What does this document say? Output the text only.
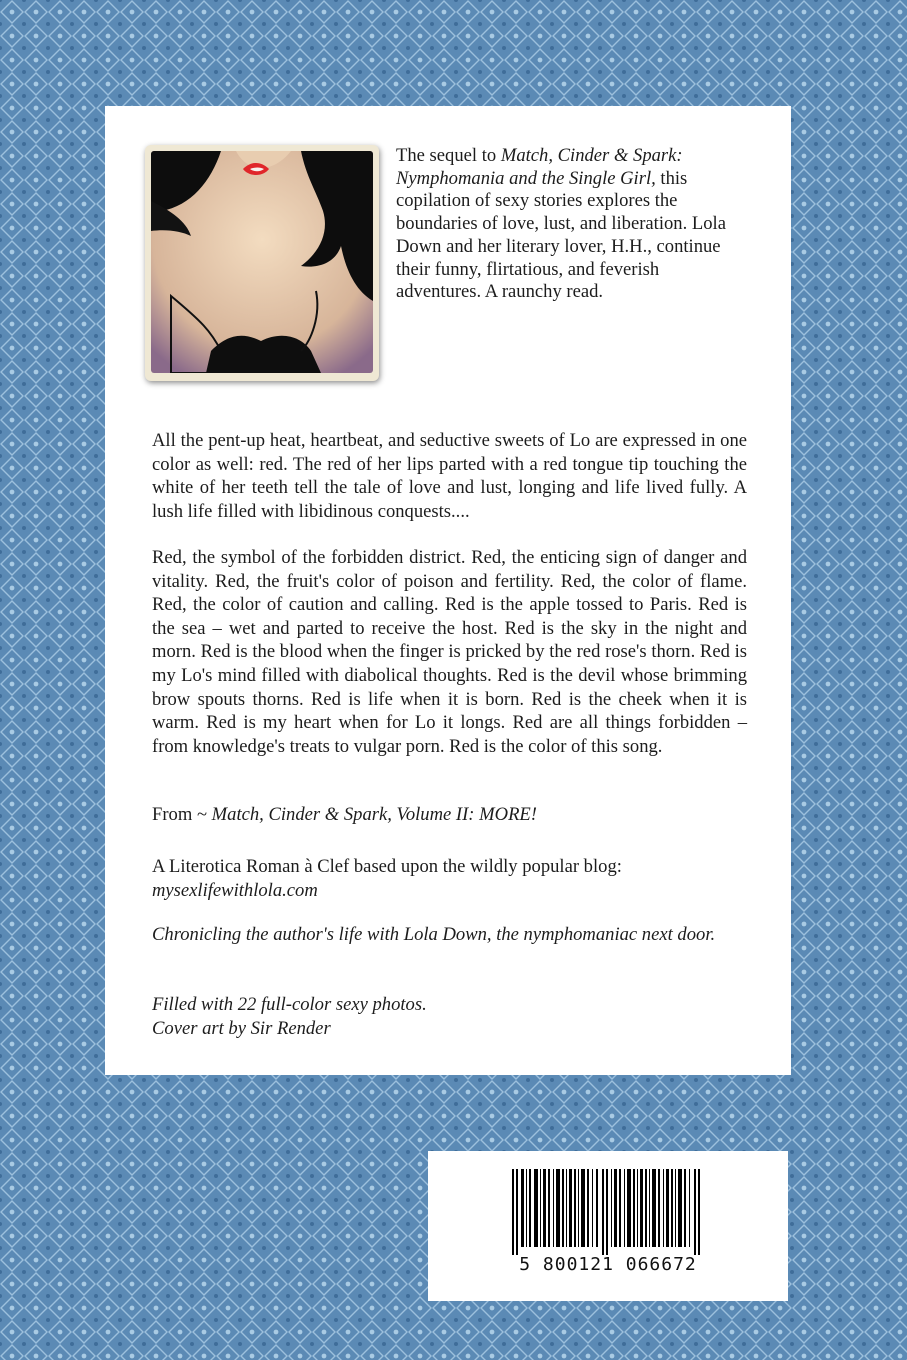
The sequel to Match, Cinder & Spark: Nymphomania and the Single Girl, this copilation of sexy stories explores the boundaries of love, lust, and liberation. Lola Down and her literary lover, H.H., continue their funny, flirtatious, and feverish adventures. A raunchy read.

All the pent-up heat, heartbeat, and seductive sweets of Lo are expressed in one color as well: red. The red of her lips parted with a red tongue tip touching the white of her teeth tell the tale of love and lust, longing and life lived fully. A lush life filled with libidinous conquests....

Red, the symbol of the forbidden district. Red, the enticing sign of danger and vitality. Red, the fruit's color of poison and fertility. Red, the color of flame. Red, the color of caution and calling. Red is the apple tossed to Paris. Red is the sea – wet and parted to receive the host. Red is the sky in the night and morn. Red is the blood when the finger is pricked by the red rose's thorn. Red is my Lo's mind filled with diabolical thoughts. Red is the devil whose brimming brow spouts thorns. Red is life when it is born. Red is the cheek when it is warm. Red is my heart when for Lo it longs. Red are all things forbidden – from knowledge's treats to vulgar porn. Red is the color of this song.

From ~ Match, Cinder & Spark, Volume II: MORE!
A Literotica Roman à Clef based upon the wildly popular blog:
mysexlifewithlola.com
Chronicling the author's life with Lola Down, the nymphomaniac next door.
Filled with 22 full-color sexy photos.
Cover art by Sir Render
5 800121 066672
